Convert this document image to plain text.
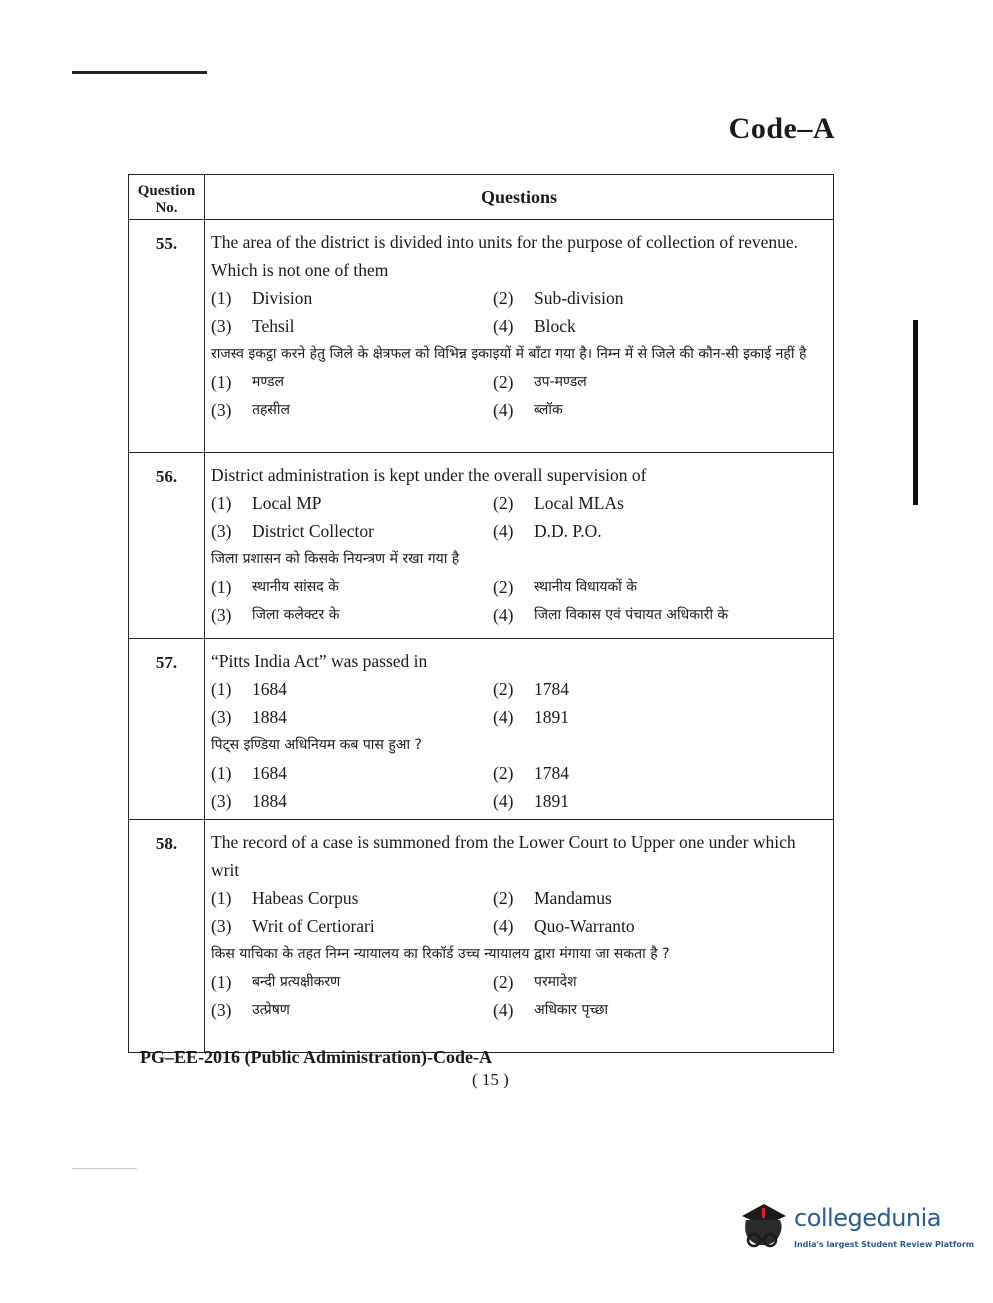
Code–A
Question No.
Questions
55.	The area of the district is divided into units for the purpose of collection of revenue. Which is not one of them

(1)	Division	(2)	Sub-division
(3)	Tehsil	(4)	Block

राजस्व इकट्ठा करने हेतु जिले के क्षेत्रफल को विभिन्न इकाइयों में बाँटा गया है। निम्न में से जिले की कौन-सी इकाई नहीं है

(1)	मण्डल	(2)	उप-मण्डल
(3)	तहसील	(4)	ब्लॉक
56.	District administration is kept under the overall supervision of

(1)	Local MP	(2)	Local MLAs
(3)	District Collector	(4)	D.D. P.O.

जिला प्रशासन को किसके नियन्त्रण में रखा गया है

(1)	स्थानीय सांसद के	(2)	स्थानीय विधायकों के
(3)	जिला कलेक्टर के	(4)	जिला विकास एवं पंचायत अधिकारी के
57.	“Pitts India Act” was passed in

(1)	1684	(2)	1784
(3)	1884	(4)	1891

पिट्स इण्डिया अधिनियम कब पास हुआ ?

(1)	1684	(2)	1784
(3)	1884	(4)	1891
58.	The record of a case is summoned from the Lower Court to Upper one under which writ

(1)	Habeas Corpus	(2)	Mandamus
(3)	Writ of Certiorari	(4)	Quo-Warranto

किस याचिका के तहत निम्न न्यायालय का रिकॉर्ड उच्च न्यायालय द्वारा मंगाया जा सकता है ?

(1)	बन्दी प्रत्यक्षीकरण	(2)	परमादेश
(3)	उत्प्रेषण	(4)	अधिकार पृच्छा
PG–EE-2016 (Public Administration)-Code-A
( 15 )
collegedunia
India's largest Student Review Platform
